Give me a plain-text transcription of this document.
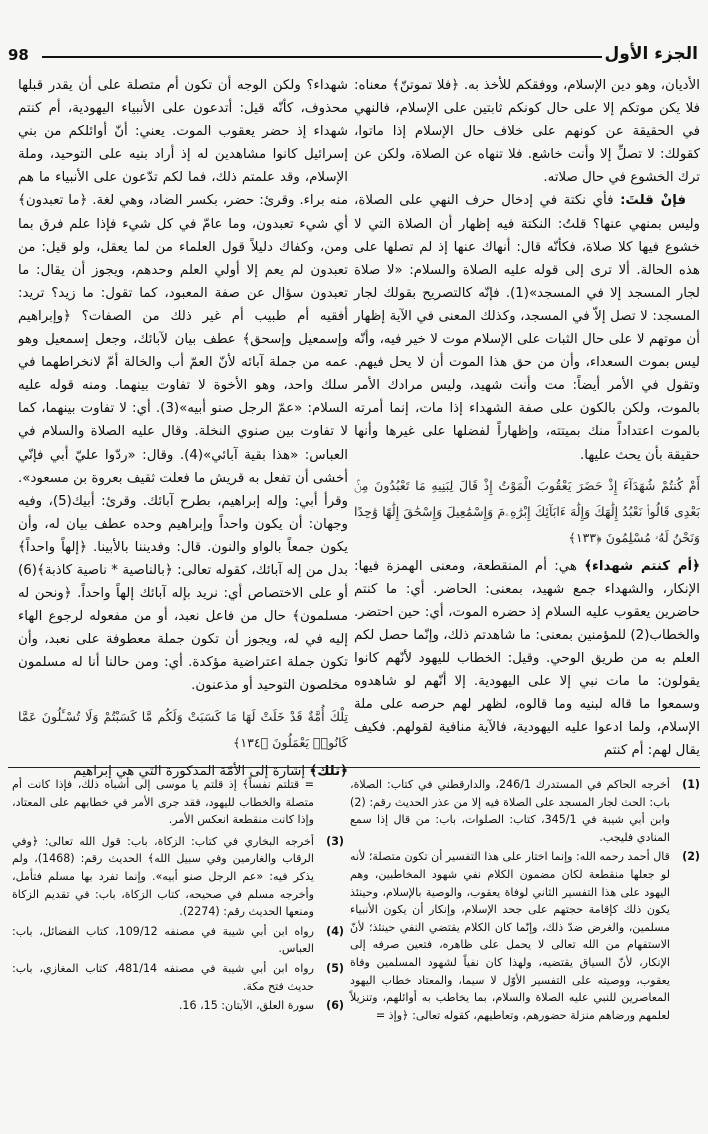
98	الجزء الأول

الأديان، وهو دين الإسلام، ووفقكم للأخذ به. ﴿فلا تموتنّ﴾ معناه: فلا يكن موتكم إلا على حال كونكم ثابتين على الإسلام، فالنهي في الحقيقة عن كونهم على خلاف حال الإسلام إذا ماتوا، كقولك: لا تصلِّ إلا وأنت خاشع. فلا تنهاه عن الصلاة، ولكن عن ترك الخشوع في حال صلاته.

فإنْ قلتَ: فأي نكتة في إدخال حرف النهي على الصلاة، وليس بمنهي عنها؟ قلتُ: النكتة فيه إظهار أن الصلاة التي لا خشوع فيها كلا صلاة، فكأنّه قال: أنهاك عنها إذ لم تصلها على هذه الحالة. ألا ترى إلى قوله عليه الصلاة والسلام: «لا صلاة لجار المسجد إلا في المسجد»(1). فإنّه كالتصريح بقولك لجار المسجد: لا تصل إلاّ في المسجد، وكذلك المعنى في الآية إظهار أن موتهم لا على حال الثبات على الإسلام موت لا خير فيه، وأنّه ليس بموت السعداء، وأن من حق هذا الموت أن لا يحل فيهم. وتقول في الأمر أيضاً: مت وأنت شهيد، وليس مرادك الأمر بالموت، ولكن بالكون على صفة الشهداء إذا مات، إنما أمرته بالموت اعتداداً منك بميتته، وإظهاراً لفضلها على غيرها وأنها حقيقة بأن يحث عليها.

أَمْ كُنتُمْ شُهَدَآءَ إِذْ حَضَرَ يَعْقُوبَ الْمَوْتُ إِذْ قَالَ لِبَنِيهِ مَا تَعْبُدُونَ مِنۢ بَعْدِى قَالُوا۟ نَعْبُدُ إِلَٰهَكَ وَإِلَٰهَ ءَابَآئِكَ إِبْرَٰهِۦمَ وَإِسْمَٰعِيلَ وَإِسْحَٰقَ إِلَٰهًا وَٰحِدًا وَنَحْنُ لَهُۥ مُسْلِمُونَ ﴿١٣٣﴾

﴿أم كنتم شهداء﴾ هي: أم المنقطعة، ومعنى الهمزة فيها: الإنكار، والشهداء جمع شهيد، بمعنى: الحاضر. أي: ما كنتم حاضرين يعقوب عليه السلام إذ حضره الموت، أي: حين احتضر. والخطاب(2) للمؤمنين بمعنى: ما شاهدتم ذلك، وإنّما حصل لكم العلم به من طريق الوحي. وقيل: الخطاب لليهود لأنّهم كانوا يقولون: ما مات نبي إلا على اليهودية. إلا أنّهم لو شاهدوه وسمعوا ما قاله لبنيه وما قالوه، لظهر لهم حرصه على ملة الإسلام، ولما ادعوا عليه اليهودية، فالآية منافية لقولهم. فكيف يقال لهم: أم كنتم

شهداء؟ ولكن الوجه أن تكون أم متصلة على أن يقدر قبلها محذوف، كأنّه قيل: أتدعون على الأنبياء اليهودية، أم كنتم شهداء إذ حضر يعقوب الموت. يعني: أنّ أوائلكم من بني إسرائيل كانوا مشاهدين له إذ أراد بنيه على التوحيد، وملة الإسلام، وقد علمتم ذلك، فما لكم تدّعون على الأنبياء ما هم منه براء. وقرئ: حضر، بكسر الضاد، وهي لغة. ﴿ما تعبدون﴾ أي شيء تعبدون، وما عامّ في كل شيء فإذا علم فرق بما ومن، وكفاك دليلاً قول العلماء من لما يعقل، ولو قيل: من تعبدون لم يعم إلا أولي العلم وحدهم، ويجوز أن يقال: ما تعبدون سؤال عن صفة المعبود، كما تقول: ما زيد؟ تريد: أفقيه أم طبيب أم غير ذلك من الصفات؟ ﴿وإبراهيم وإسمعيل وإسحق﴾ عطف بيان لآبائك، وجعل إسمعيل وهو عمه من جملة آبائه لأنّ العمّ أب والخالة أمّ لانخراطهما في سلك واحد، وهو الأخوة لا تفاوت بينهما. ومنه قوله عليه السلام: «عمّ الرجل صنو أبيه»(3). أي: لا تفاوت بينهما، كما لا تفاوت بين صنوي النخلة. وقال عليه الصلاة والسلام في العباس: «هذا بقية آبائي»(4). وقال: «ردّوا عليّ أبي فإنّي أخشى أن تفعل به قريش ما فعلت ثقيف بعروة بن مسعود». وقرأ أبي: وإله إبراهيم، بطرح آبائك. وقرئ: أبيك(5)، وفيه وجهان: أن يكون واحداً وإبراهيم وحده عطف بيان له، وأن يكون جمعاً بالواو والنون. قال: وفديننا بالأبينا. ﴿إلهاً واحداً﴾ بدل من إله آبائك، كقوله تعالى: ﴿بالناصية * ناصية كاذبة﴾(6) أو على الاختصاص أي: نريد بإله آبائك إلهاً واحداً. ﴿ونحن له مسلمون﴾ حال من فاعل نعبد، أو من مفعوله لرجوع الهاء إليه في له، ويجوز أن تكون جملة معطوفة على نعبد، وأن تكون جملة اعتراضية مؤكدة. أي: ومن حالنا أنا له مسلمون مخلصون التوحيد أو مذعنون.

تِلْكَ أُمَّةٌ قَدْ خَلَتْ لَهَا مَا كَسَبَتْ وَلَكُم مَّا كَسَبْتُمْ وَلَا تُسْـَٔلُونَ عَمَّا كَانُوا۟ يَعْمَلُونَ ﴿١٣٤﴾

﴿تلك﴾ إشارة إلى الأمّة المذكورة التي هي إبراهيم

(1)
أخرجه الحاكم في المستدرك 246/1، والدارقطني في كتاب: الصلاة، باب: الحث لجار المسجد على الصلاة فيه إلا من عذر الحديث رقم: (2) وابن أبي شيبة في 345/1، كتاب: الصلوات، باب: من قال إذا سمع المنادي فليجب.
(2)
قال أحمد رحمه الله: وإنما اختار على هذا التفسير أن تكون متصلة؛ لأنه لو جعلها منقطعة لكان مضمون الكلام نفي شهود المخاطبين، وهم اليهود على هذا التفسير الثاني لوفاة يعقوب، والوصية بالإسلام، وحينئذ يكون ذلك كإقامة حجتهم على جحد الإسلام، وإنكار أن يكون الأنبياء مسلمين، والغرض ضدّ ذلك، وإنّما كان الكلام يقتضي النفي حينئذ؛ لأنّ الاستفهام من الله تعالى لا يحمل على ظاهره، فتعين صرفه إلى الإنكار، لأنّ السياق يقتضيه، ولهذا كان نفياً لشهود المسلمين وفاة يعقوب، ووصيته على التفسير الأوّل لا سيما، والمعتاد خطاب اليهود المعاصرين للنبي عليه الصلاة والسلام، بما يخاطب به أوائلهم، وتنزيلاً لعلمهم ورضاهم منزلة حضورهم، وتعاطيهم، كقوله تعالى: ﴿وإذ =
= قتلتم نفساً﴾ إذ قلتم يا موسى إلى أشباه ذلك، فإذا كانت أم متصلة والخطاب لليهود، فقد جرى الأمر في خطابهم على المعتاد، وإذا كانت منقطعة انعكس الأمر.
(3)
أخرجه البخاري في كتاب: الزكاة، باب: قول الله تعالى: ﴿وفي الرقاب والغارمين وفي سبيل الله﴾ الحديث رقم: (1468)، ولم يذكر فيه: «عم الرجل صنو أبيه». وإنما تفرد بها مسلم فتأمل، وأخرجه مسلم في صحيحه، كتاب الزكاة، باب: في تقديم الزكاة ومنعها الحديث رقم: (2274).
(4)
رواه ابن أبي شيبة في مصنفه 109/12، كتاب الفضائل، باب: العباس.
(5)
رواه ابن أبي شيبة في مصنفه 481/14، كتاب المغازي، باب: حديث فتح مكة.
(6)
سورة العلق، الآيتان: 15، 16.
